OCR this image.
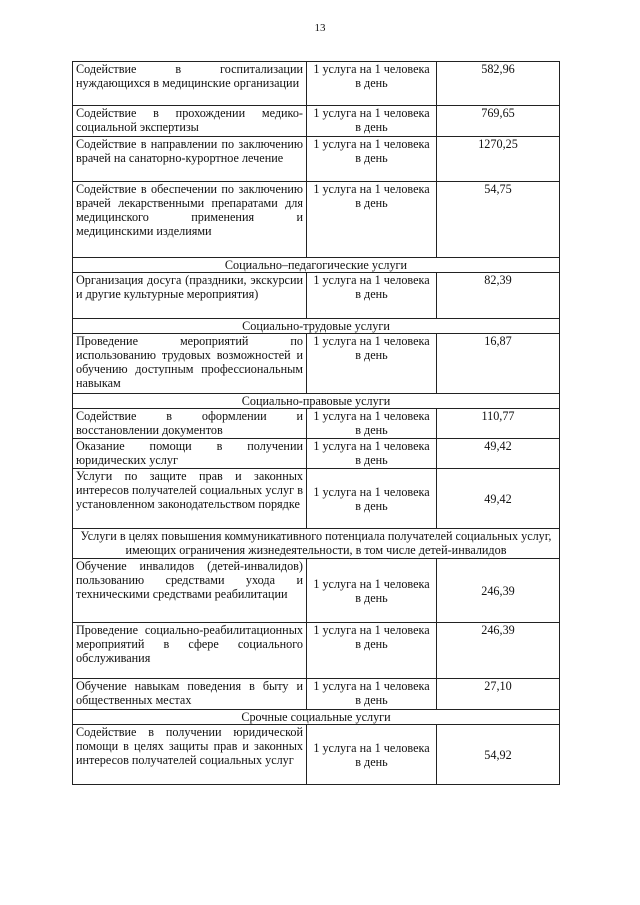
13
Содействие в госпитализации нуждающихся в медицинские организации	1 услуга на 1 человека в день	582,96
Содействие в прохождении медико-социальной экспертизы	1 услуга на 1 человека в день	769,65
Содействие в направлении по заключению врачей на санаторно-курортное лечение	1 услуга на 1 человека в день	1270,25
Содействие в обеспечении по заключению врачей лекарственными препаратами для медицинского применения и медицинскими изделиями	1 услуга на 1 человека в день	54,75
Социально–педагогические услуги		
Организация досуга (праздники, экскурсии и другие культурные мероприятия)	1 услуга на 1 человека в день	82,39
Социально-трудовые услуги		
Проведение мероприятий по использованию трудовых возможностей и обучению доступным профессиональным навыкам	1 услуга на 1 человека в день	16,87
Социально-правовые услуги		
Содействие в оформлении и восстановлении документов	1 услуга на 1 человека в день	110,77
Оказание помощи в получении юридических услуг	1 услуга на 1 человека в день	49,42
Услуги по защите прав и законных интересов получателей социальных услуг в установленном законодательством порядке	1 услуга на 1 человека в день	49,42
Услуги в целях повышения коммуникативного потенциала получателей социальных услуг, имеющих ограничения жизнедеятельности, в том числе детей-инвалидов		
Обучение инвалидов (детей-инвалидов) пользованию средствами ухода и техническими средствами реабилитации	1 услуга на 1 человека в день	246,39
Проведение социально-реабилитационных мероприятий в сфере социального обслуживания	1 услуга на 1 человека в день	246,39
Обучение навыкам поведения в быту и общественных местах	1 услуга на 1 человека в день	27,10
Срочные социальные услуги		
Содействие в получении юридической помощи в целях защиты прав и законных интересов получателей социальных услуг	1 услуга на 1 человека в день	54,92
